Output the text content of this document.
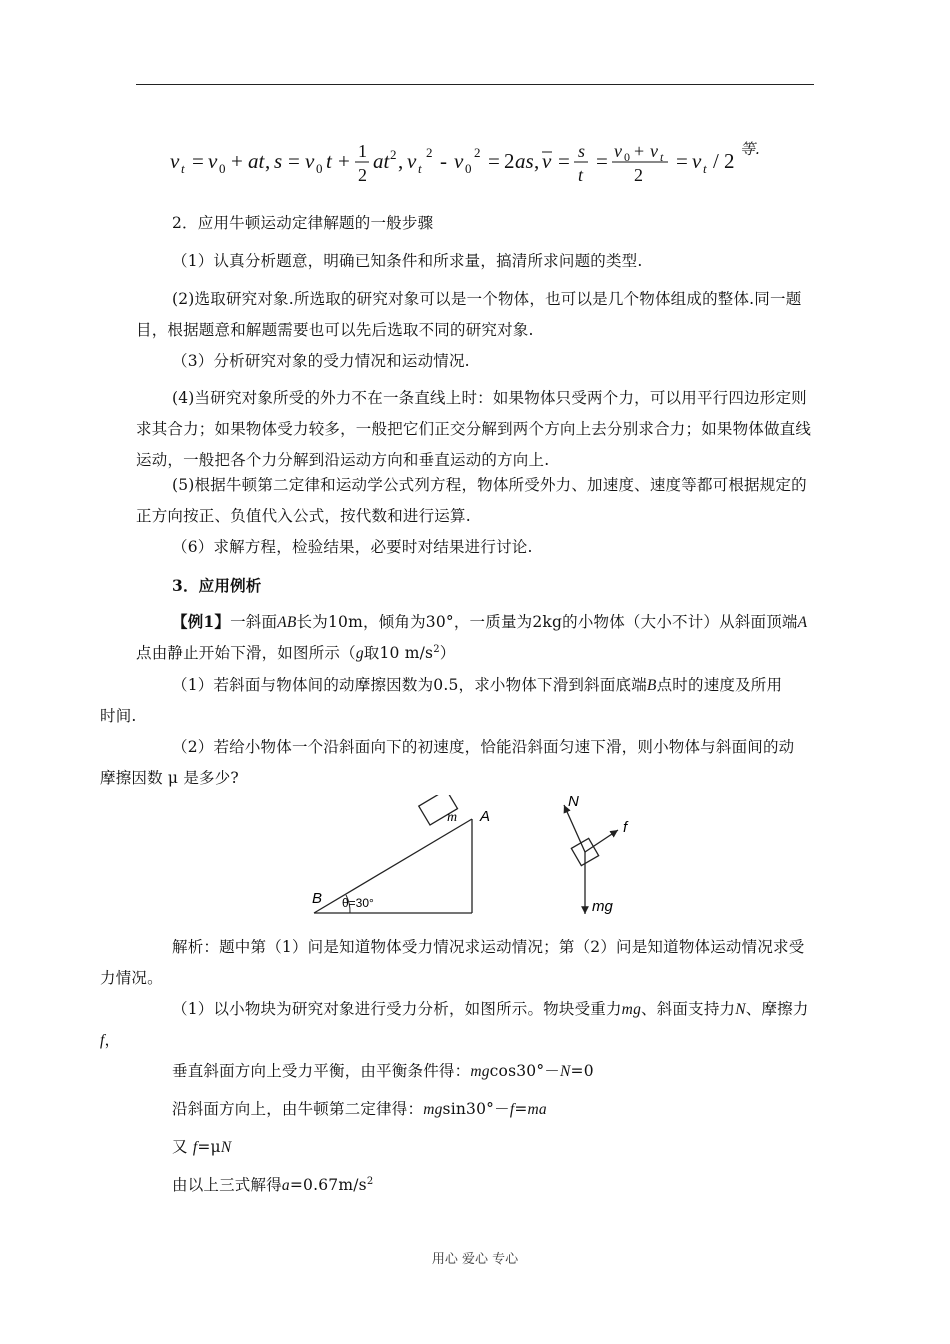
v t = v 0 + at , s = v 0 t + 1
2
at 2 , v t
2 - v 0
2 = 2 as , v = s
t
= v 0 + v t
2
= v t / 2 等.

2．应用牛顿运动定律解题的一般步骤

（1）认真分析题意，明确已知条件和所求量，搞清所求问题的类型.

(2)选取研究对象.所选取的研究对象可以是一个物体，也可以是几个物体组成的整体.同一题目，根据题意和解题需要也可以先后选取不同的研究对象.

（3）分析研究对象的受力情况和运动情况.

(4)当研究对象所受的外力不在一条直线上时：如果物体只受两个力，可以用平行四边形定则求其合力；如果物体受力较多，一般把它们正交分解到两个方向上去分别求合力；如果物体做直线运动，一般把各个力分解到沿运动方向和垂直运动的方向上.

(5)根据牛顿第二定律和运动学公式列方程，物体所受外力、加速度、速度等都可根据规定的正方向按正、负值代入公式，按代数和进行运算.

（6）求解方程，检验结果，必要时对结果进行讨论.

3．应用例析

【例1】一斜面AB长为10m，倾角为30°，一质量为2kg的小物体（大小不计）从斜面顶端A
点由静止开始下滑，如图所示（g取10 $m/s^2$）

（1）若斜面与物体间的动摩擦因数为0.5，求小物体下滑到斜面底端B点时的速度及所用
时间.

（2）若给小物体一个沿斜面向下的初速度，恰能沿斜面匀速下滑，则小物体与斜面间的动
摩擦因数 μ 是多少?

m A
B θ=30°
N
f
mg

解析：题中第（1）问是知道物体受力情况求运动情况；第（2）问是知道物体运动情况求受
力情况。

（1）以小物块为研究对象进行受力分析，如图所示。物块受重力mg、斜面支持力N、摩擦力
f，

垂直斜面方向上受力平衡，由平衡条件得：mgcos30°－N=0

沿斜面方向上，由牛顿第二定律得：mgsin30°－f=ma

又 f=μN

由以上三式解得$a=0.67m/s^2$

用心 爱心 专心
